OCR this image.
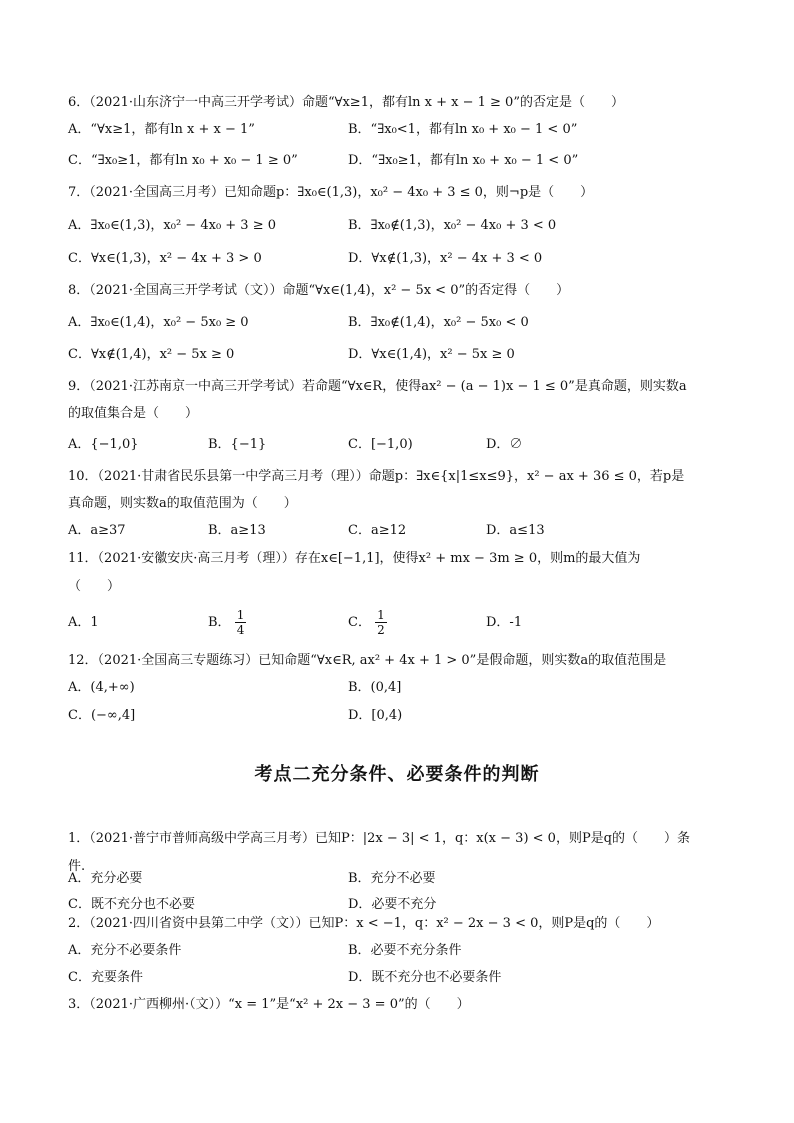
6．（2021·山东济宁一中高三开学考试）命题“∀x≥1，都有ln x + x − 1 ≥ 0”的否定是（　　）
A．“∀x≥1，都有ln x + x − 1”	B．“∃x₀<1，都有ln x₀ + x₀ − 1 < 0”
C．“∃x₀≥1，都有ln x₀ + x₀ − 1 ≥ 0”	D．“∃x₀≥1，都有ln x₀ + x₀ − 1 < 0”
7．（2021·全国高三月考）已知命题p：∃x₀∈(1,3)，x₀² − 4x₀ + 3 ≤ 0，则¬p是（　　）
A．∃x₀∈(1,3)，x₀² − 4x₀ + 3 ≥ 0	B．∃x₀∉(1,3)，x₀² − 4x₀ + 3 < 0
C．∀x∈(1,3)，x² − 4x + 3 > 0	D．∀x∉(1,3)，x² − 4x + 3 < 0
8．（2021·全国高三开学考试（文））命题“∀x∈(1,4)，x² − 5x < 0”的否定得（　　）
A．∃x₀∈(1,4)，x₀² − 5x₀ ≥ 0	B．∃x₀∉(1,4)，x₀² − 5x₀ < 0
C．∀x∉(1,4)，x² − 5x ≥ 0	D．∀x∈(1,4)，x² − 5x ≥ 0
9．（2021·江苏南京一中高三开学考试）若命题“∀x∈R，使得ax² − (a − 1)x − 1 ≤ 0”是真命题，则实数a
的取值集合是（　　）
A．{−1,0}	B．{−1}	C．[−1,0)	D．∅
10．（2021·甘肃省民乐县第一中学高三月考（理））命题p：∃x∈{x|1≤x≤9}，x² − ax + 36 ≤ 0，若p是
真命题，则实数a的取值范围为（　　）
A．a≥37	B．a≥13	C．a≥12	D．a≤13
11．（2021·安徽安庆·高三月考（理））存在x∈[−1,1]，使得x² + mx − 3m ≥ 0，则m的最大值为
（　　）
A．1	B． $\frac{1}{4}$	C． $\frac{1}{2}$	D．-1
12．（2021·全国高三专题练习）已知命题“∀x∈R, ax² + 4x + 1 > 0”是假命题，则实数a的取值范围是
A．(4,+∞)	B．(0,4]
C．(−∞,4]	D．[0,4)
考点二充分条件、必要条件的判断
1．（2021·普宁市普师高级中学高三月考）已知P：|2x − 3| < 1，q：x(x − 3) < 0，则P是q的（　　）条
件.
A．充分必要	B．充分不必要
C．既不充分也不必要	D．必要不充分
2．（2021·四川省资中县第二中学（文））已知P：x < −1，q：x² − 2x − 3 < 0，则P是q的（　　）
A．充分不必要条件	B．必要不充分条件
C．充要条件	D．既不充分也不必要条件
3．（2021·广西柳州·（文））“x = 1”是“x² + 2x − 3 = 0”的（　　）
